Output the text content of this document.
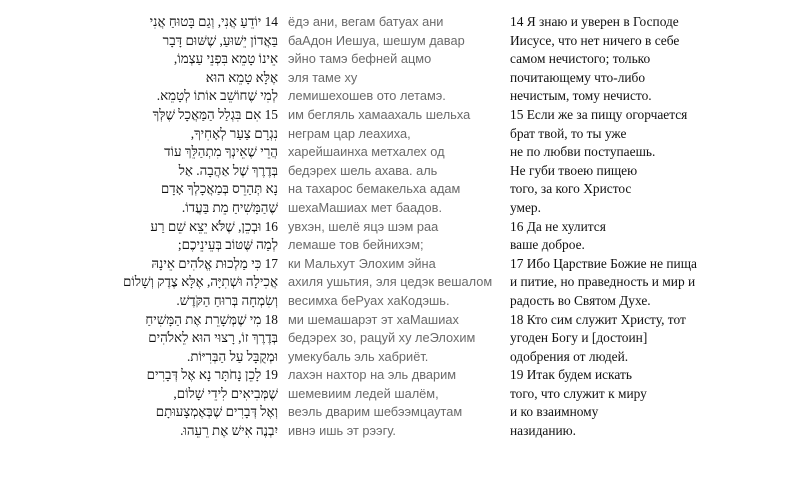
14 יוֹדֵעַ אֲנִי, וְגַם בָּטוּחַ אֲנִי
בַּאֲדוֹן יֵשׁוּעַ, שֶׁשּׁוּם דָּבָר
אֵינוֹ טָמֵא בִּפְנֵי עַצְמוֹ,
אֶלָּא טָמֵא הוּא
לְמִי שֶׁחוֹשֵׁב אוֹתוֹ לְטָמֵא.
15 אִם בִּגְלַל הַמַּאֲכָל שֶׁלְּךָ
נִגְרָם צַעַר לְאָחִיךָ,
הֲרֵי שֶׁאֵינְךָ מִתְהַלֵּךְ עוֹד
בְּדֶרֶךְ שֶׁל אַהֲבָה. אַל
נָא תְּהַרֵס בְּמַאֲכָלְךָ אָדָם
שֶׁהַמָּשִׁיחַ מֵת בַּעֲדוֹ.
16 וּבְכֵן, שֶׁלֹּא יֵצֵא שֵׁם רַע
לְמַה שֶּׁטּוֹב בְּעֵינֵיכֶם;
17 כִּי מַלְכוּת אֱלֹהִים אֵינָהּ
אֲכִילָה וּשְׁתִיָּה, אֶלָּא צֶדֶק וְשָׁלוֹם
וְשִׂמְחָה בְּרוּחַ הַקֹּדֶשׁ.
18 מִי שֶׁמְּשָׁרֵת אֶת הַמָּשִׁיחַ
בְּדֶרֶךְ זוֹ, רָצוּי הוּא לֵאלֹהִים
וּמְקֻבָּל עַל הַבְּרִיּוֹת.
19 לָכֵן נָחֹתָּר נָא אֶל דְּבָרִים
שֶׁמְּבִיאִים לִידֵי שָׁלוֹם,
וְאֶל דְּבָרִים שֶׁבְּאֶמְצָעוּתָם
יִבְנֶה אִישׁ אֶת רֵעֵהוּ.
ёдэ ани, вегам батуах ани
баАдон Иешуа, шешум давар
эйно тамэ бефней ацмо
эля таме ху
лемишехошев ото летамэ.
им бегляль хамаахаль шельха
неграм цар леахиха,
харейшаинха метхалех од
бедэрех шель ахава. аль
на тахарос бемакельха адам
шехаМашиах мет баадов.
увхэн, шелё яцэ шэм раа
лемаше тов бейнихэм;
ки Мальхут Элохим эйна
ахиля ушьтия, эля цедэк вешалом
весимха беРуах хаКодэшь.
ми шемашарэт эт хаМашиах
бедэрех зо, рацуй ху леЭлохим
умекубаль эль хабриёт.
лахэн нахтор на эль дварим
шемевиим ледей шалём,
веэль дварим шебээмцаутам
ивнэ ишь эт рээгу.
14 Я знаю и уверен в Господе
Иисусе, что нет ничего в себе
самом нечистого; только
почитающему что-либо
нечистым, тому нечисто.
15 Если же за пищу огорчается
брат твой, то ты уже
не по любви поступаешь.
Не губи твоею пищею
того, за кого Христос
умер.
16 Да не хулится
ваше доброе.
17 Ибо Царствие Божие не пища
и питие, но праведность и мир и
радость во Святом Духе.
18 Кто сим служит Христу, тот
угоден Богу и [достоин]
одобрения от людей.
19 Итак будем искать
того, что служит к миру
и ко взаимному
назиданию.
